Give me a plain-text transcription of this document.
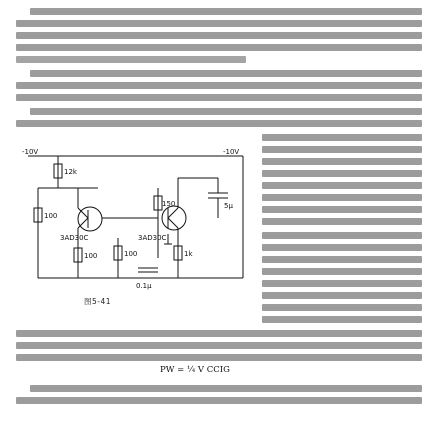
-10V	-10V
12k
100
3AD30C	3AD30C
5μ
150
100	100	1k
0.1μ
图5-41
PW = ¼ V CCIG
